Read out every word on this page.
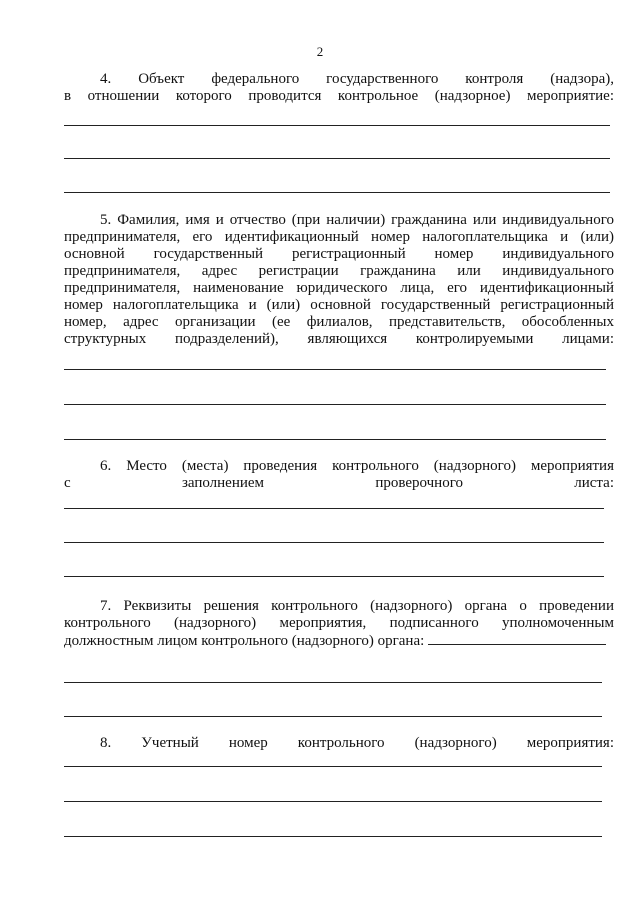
2
4. Объект федерального государственного контроля (надзора),
в отношении которого проводится контрольное (надзорное) мероприятие:
5. Фамилия, имя и отчество (при наличии) гражданина или индивидуального
предпринимателя, его идентификационный номер налогоплательщика и (или)
основной государственный регистрационный номер индивидуального
предпринимателя, адрес регистрации гражданина или индивидуального
предпринимателя, наименование юридического лица, его идентификационный
номер налогоплательщика и (или) основной государственный регистрационный
номер, адрес организации (ее филиалов, представительств, обособленных
структурных подразделений), являющихся контролируемыми лицами:
6. Место (места) проведения контрольного (надзорного) мероприятия
с заполнением проверочного листа:
7. Реквизиты решения контрольного (надзорного) органа о проведении
контрольного (надзорного) мероприятия, подписанного уполномоченным
должностным лицом контрольного (надзорного) органа:
8. Учетный номер контрольного (надзорного) мероприятия:
